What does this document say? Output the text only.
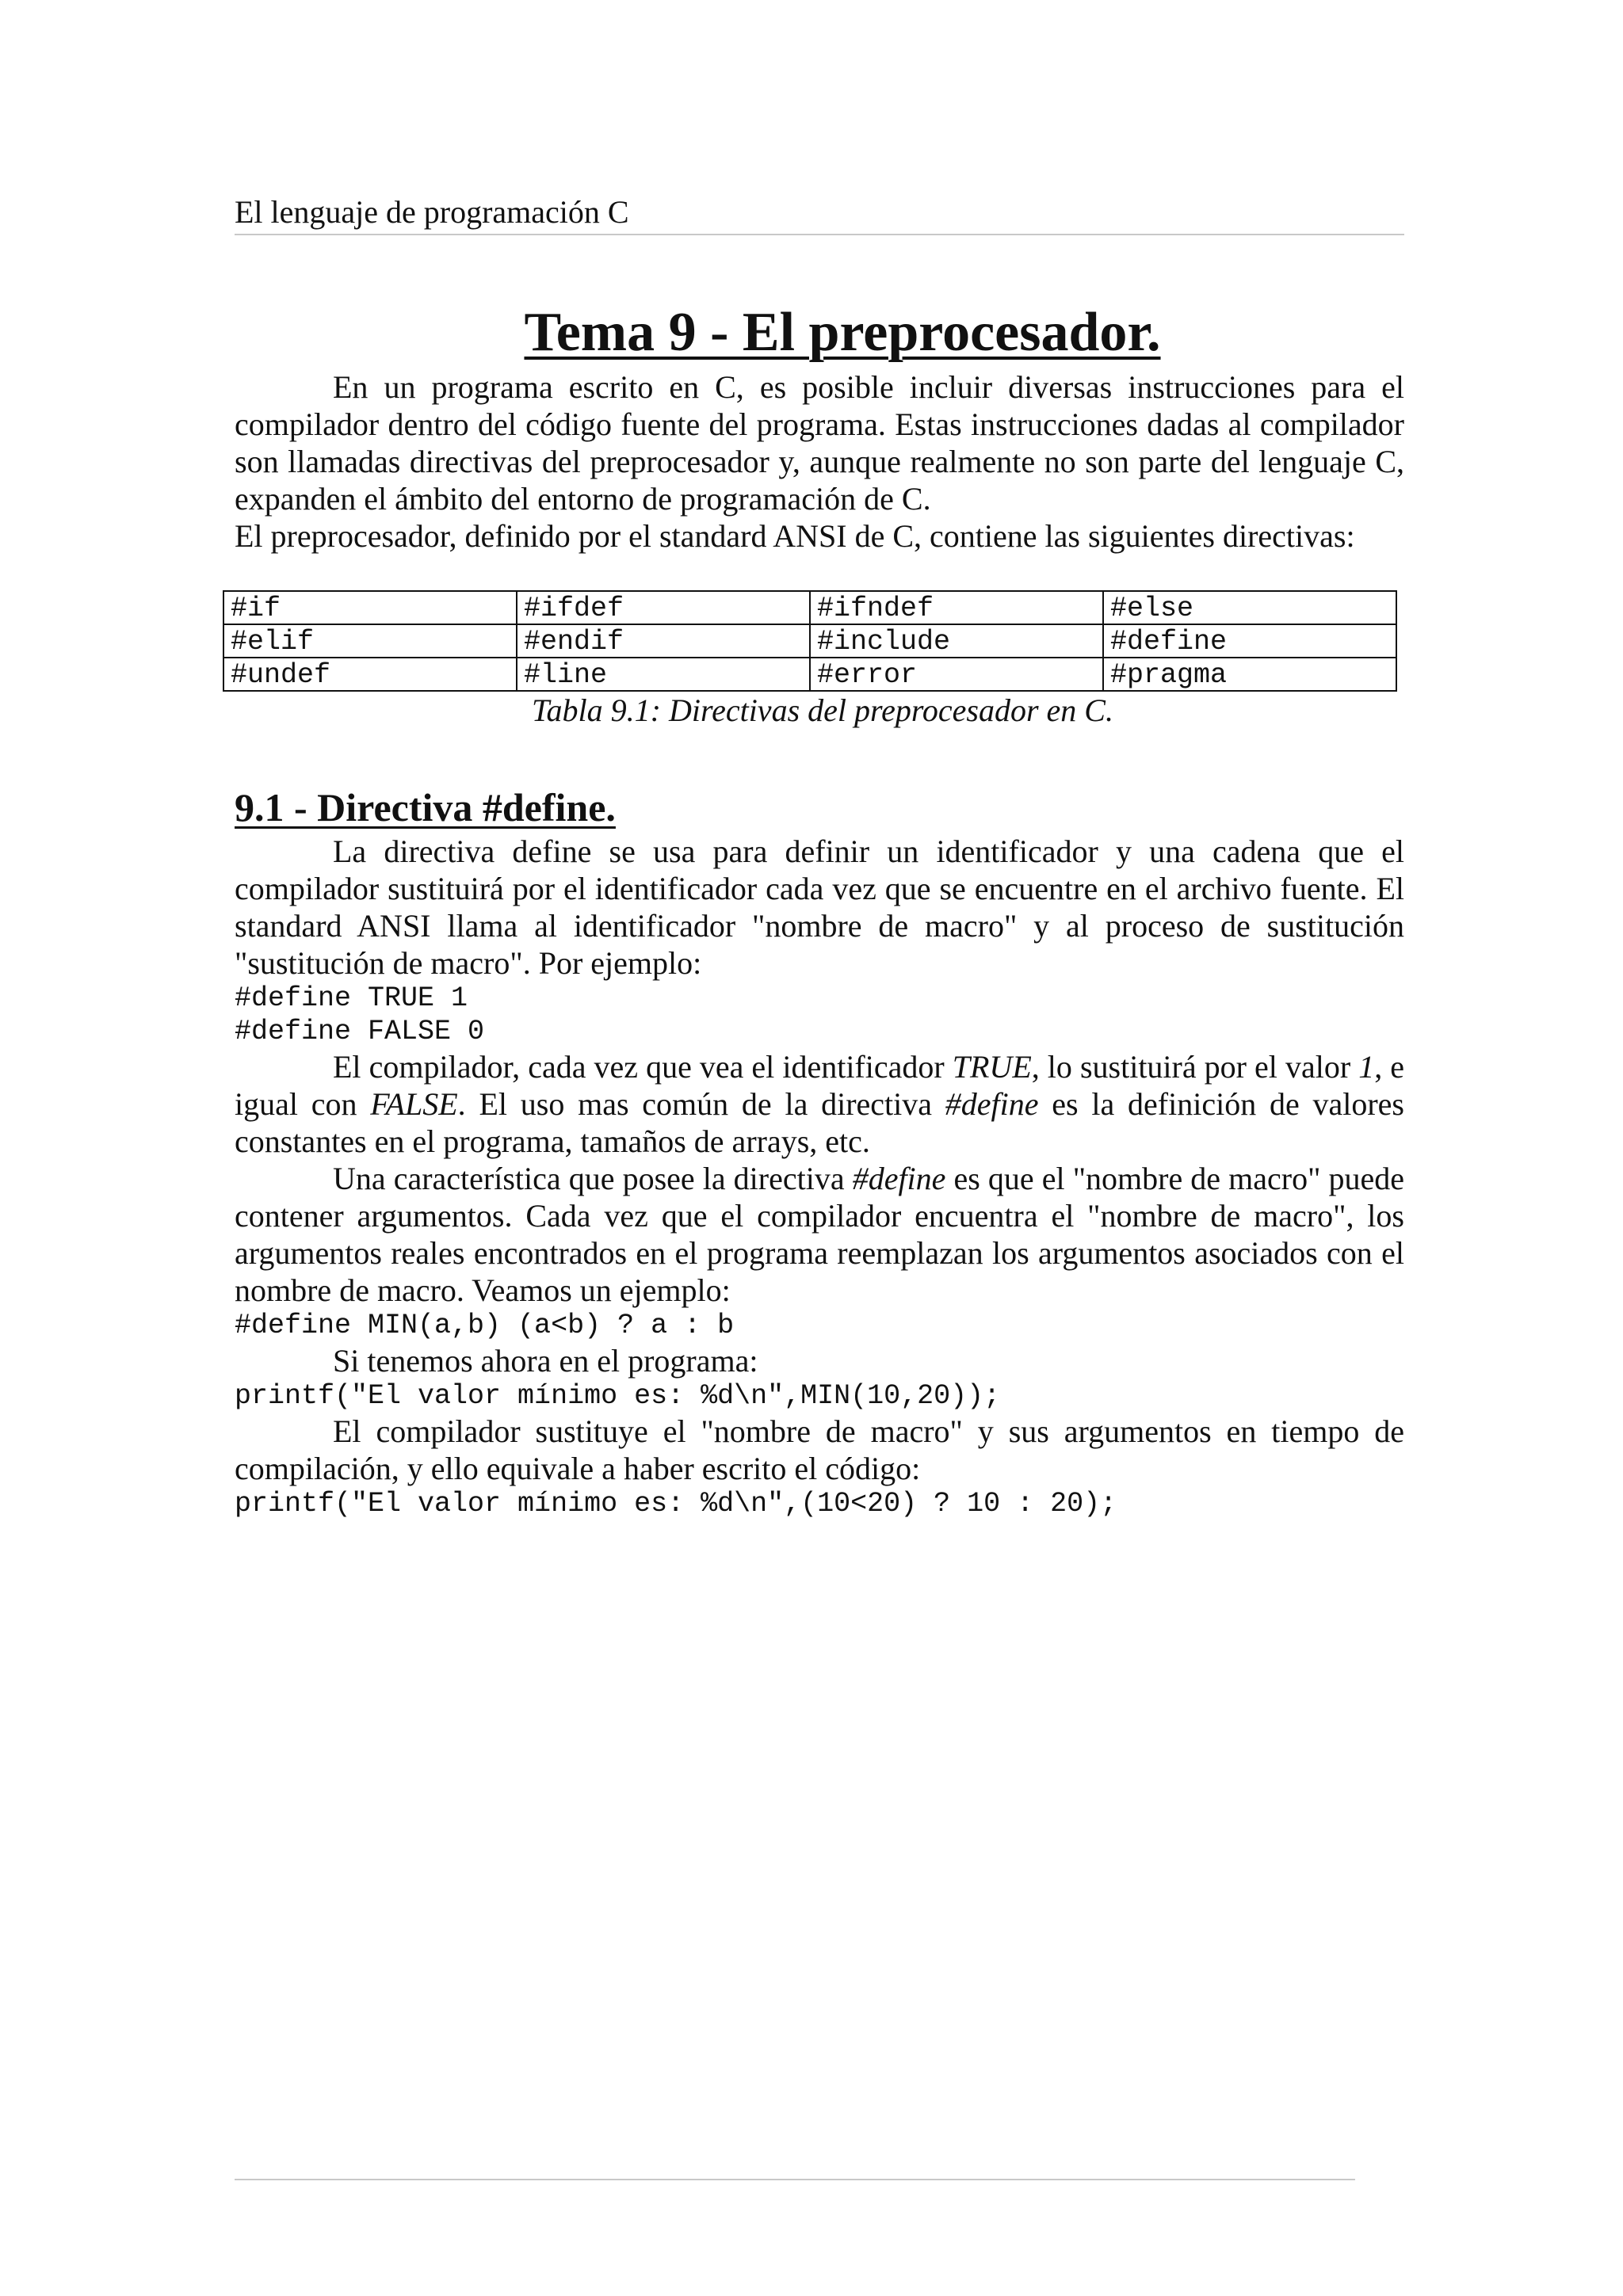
El lenguaje de programación C
Tema 9 - El preprocesador.

En un programa escrito en C, es posible incluir diversas instrucciones para el compilador dentro del código fuente del programa. Estas instrucciones dadas al compilador son llamadas directivas del preprocesador y, aunque realmente no son parte del lenguaje C, expanden el ámbito del entorno de programación de C.

El preprocesador, definido por el standard ANSI de C, contiene las siguientes directivas:

#if	#ifdef	#ifndef	#else
#elif	#endif	#include	#define
#undef	#line	#error	#pragma

Tabla 9.1: Directivas del preprocesador en C.

9.1 - Directiva #define.

La directiva define se usa para definir un identificador y una cadena que el compilador sustituirá por el identificador cada vez que se encuentre en el archivo fuente. El standard ANSI llama al identificador "nombre de macro" y al proceso de sustitución "sustitución de macro". Por ejemplo:

#define TRUE 1
#define FALSE 0

El compilador, cada vez que vea el identificador TRUE, lo sustituirá por el valor 1, e igual con FALSE. El uso mas común de la directiva #define es la definición de valores constantes en el programa, tamaños de arrays, etc.

Una característica que posee la directiva #define es que el "nombre de macro" puede contener argumentos. Cada vez que el compilador encuentra el "nombre de macro", los argumentos reales encontrados en el programa reemplazan los argumentos asociados con el nombre de macro. Veamos un ejemplo:

#define MIN(a,b) (a<b) ? a : b

Si tenemos ahora en el programa:

printf("El valor mínimo es: %d\n",MIN(10,20));

El compilador sustituye el "nombre de macro" y sus argumentos en tiempo de compilación, y ello equivale a haber escrito el código:

printf("El valor mínimo es: %d\n",(10<20) ? 10 : 20);
